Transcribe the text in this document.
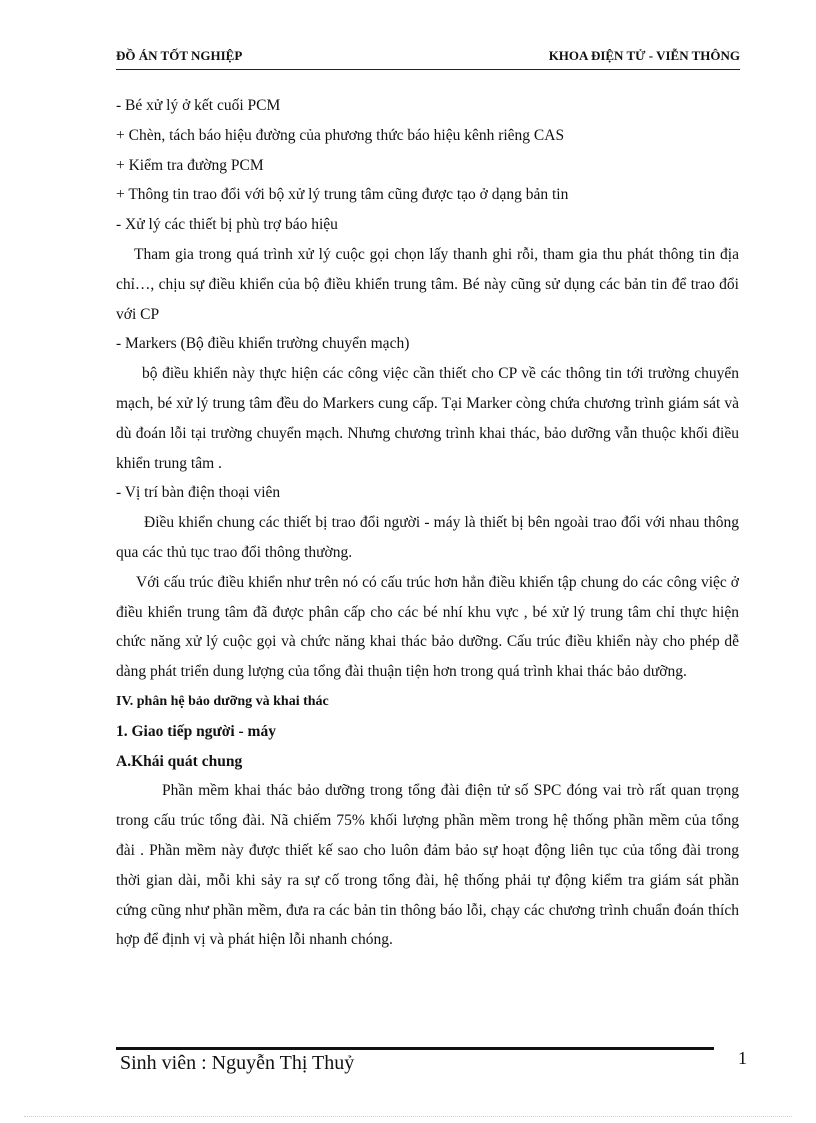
ĐỒ ÁN TỐT NGHIỆP	KHOA ĐIỆN TỬ - VIỄN THÔNG

- Bé xử lý ở kết cuối PCM

+ Chèn, tách báo hiệu đường của phương thức báo hiệu kênh riêng CAS

+ Kiểm tra đường PCM

+ Thông tin trao đổi với bộ xử lý trung tâm cũng được tạo ở dạng bản tin

- Xử lý các thiết bị phù trợ báo hiệu

Tham gia trong quá trình xử lý cuộc gọi chọn lấy thanh ghi rỗi, tham gia thu phát thông tin địa chỉ…, chịu sự điều khiển của bộ điều khiển trung tâm. Bé này cũng sử dụng các bản tin để trao đổi với CP

- Markers (Bộ điều khiển trường chuyển mạch)

bộ điều khiển này thực hiện các công việc cần thiết cho CP về các thông tin tới trường chuyển mạch, bé xử lý trung tâm đều do Markers cung cấp. Tại Marker còng chứa chương trình giám sát và dù đoán lỗi tại trường chuyển mạch. Nhưng chương trình khai thác, bảo dưỡng vẫn thuộc khối điều khiển trung tâm .

- Vị trí bàn điện thoại viên

Điều khiển chung các thiết bị trao đổi người - máy là thiết bị bên ngoài trao đổi với nhau thông qua các thủ tục trao đổi thông thường.

Với cấu trúc điều khiển như trên nó có cấu trúc hơn hẳn điều khiển tập chung do các công việc ở điều khiển trung tâm đã được phân cấp cho các bé nhí khu vực , bé xử lý trung tâm chỉ thực hiện chức năng xử lý cuộc gọi và chức năng khai thác bảo dưỡng. Cấu trúc điều khiển này cho phép dễ dàng phát triển dung lượng của tổng đài thuận tiện hơn trong quá trình khai thác bảo dưỡng.

IV. phân hệ bảo dưỡng và khai thác

1. Giao tiếp người - máy

A.Khái quát chung

Phần mềm khai thác bảo dưỡng trong tổng đài điện tử số SPC đóng vai trò rất quan trọng trong cấu trúc tổng đài. Nã chiếm 75% khối lượng phần mềm trong hệ thống phần mềm của tổng đài . Phần mềm này được thiết kế sao cho luôn đảm bảo sự hoạt động liên tục của tổng đài trong thời gian dài, mỗi khi sảy ra sự cố trong tổng đài, hệ thống phải tự động kiểm tra giám sát phần cứng cũng như phần mềm, đưa ra các bản tin thông báo lỗi, chạy các chương trình chuẩn đoán thích hợp để định vị và phát hiện lỗi nhanh chóng.

Sinh viên : Nguyễn Thị Thuỷ	1
